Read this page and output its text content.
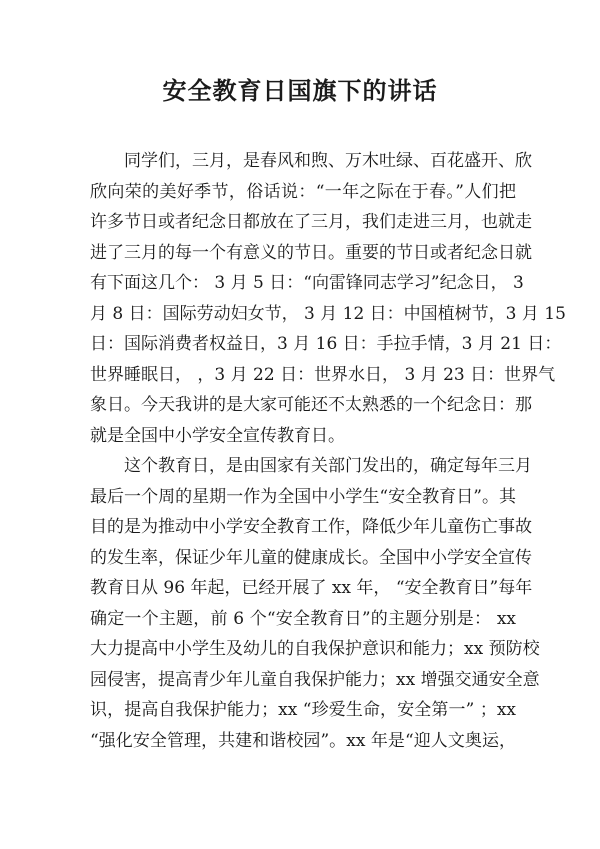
安全教育日国旗下的讲话
同学们，三月，是春风和煦、万木吐绿、百花盛开、欣
欣向荣的美好季节，俗话说：“一年之际在于春。”人们把
许多节日或者纪念日都放在了三月，我们走进三月，也就走
进了三月的每一个有意义的节日。重要的节日或者纪念日就
有下面这几个： 3 月 5 日：“向雷锋同志学习”纪念日， 3
月 8 日：国际劳动妇女节， 3 月 12 日：中国植树节，3 月 15
日：国际消费者权益日，3 月 16 日：手拉手情，3 月 21 日：
世界睡眠日， ，3 月 22 日：世界水日， 3 月 23 日：世界气
象日。今天我讲的是大家可能还不太熟悉的一个纪念日：那
就是全国中小学安全宣传教育日。
这个教育日，是由国家有关部门发出的，确定每年三月
最后一个周的星期一作为全国中小学生“安全教育日”。其
目的是为推动中小学安全教育工作，降低少年儿童伤亡事故
的发生率，保证少年儿童的健康成长。全国中小学安全宣传
教育日从 96 年起，已经开展了 xx 年， “安全教育日”每年
确定一个主题，前 6 个“安全教育日”的主题分别是： xx
大力提高中小学生及幼儿的自我保护意识和能力；xx 预防校
园侵害，提高青少年儿童自我保护能力；xx 增强交通安全意
识，提高自我保护能力；xx “珍爱生命，安全第一” ；xx
“强化安全管理，共建和谐校园”。xx 年是“迎人文奥运，
